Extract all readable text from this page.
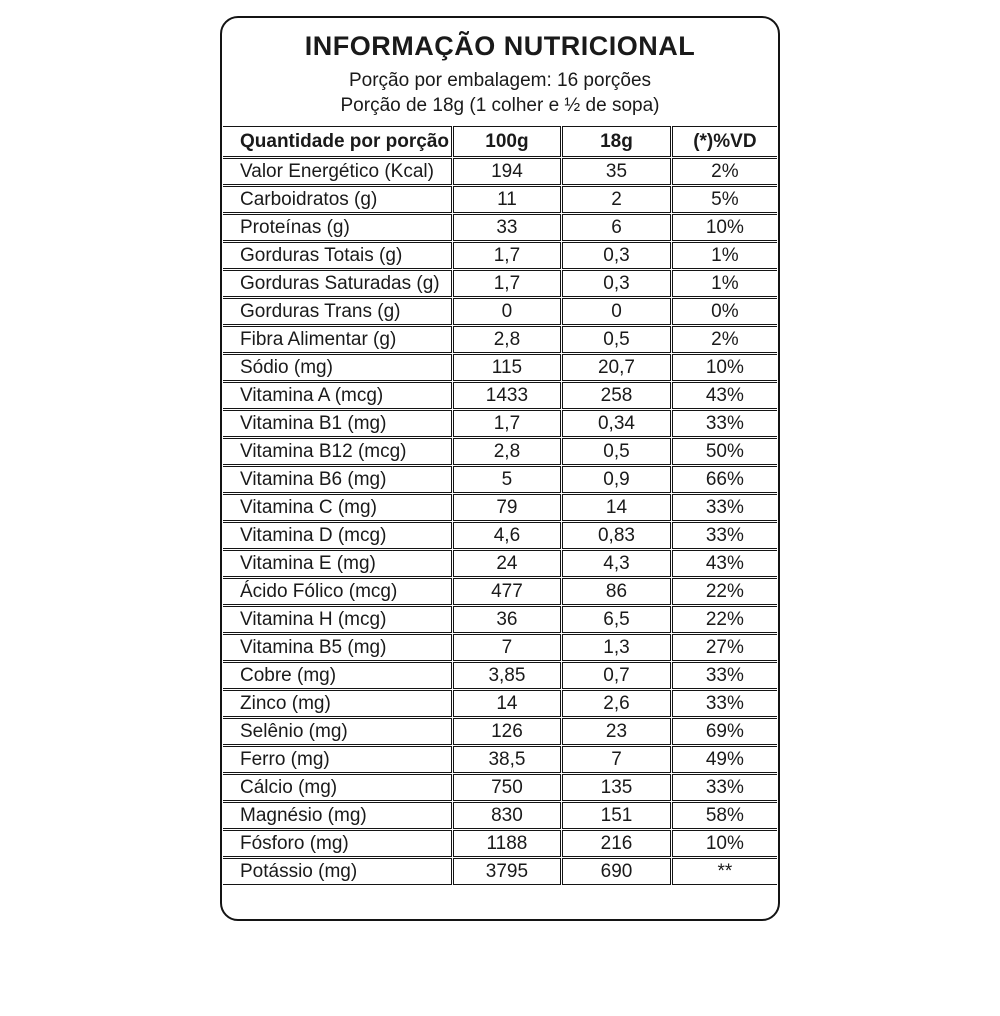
INFORMAÇÃO NUTRICIONAL
Porção por embalagem: 16 porções
Porção de 18g (1 colher e ½ de sopa)
Quantidade por porção	100g	18g	(*)%VD
Valor Energético (Kcal)	194	35	2%
Carboidratos (g)	11	2	5%
Proteínas (g)	33	6	10%
Gorduras Totais (g)	1,7	0,3	1%
Gorduras Saturadas (g)	1,7	0,3	1%
Gorduras Trans (g)	0	0	0%
Fibra Alimentar (g)	2,8	0,5	2%
Sódio (mg)	115	20,7	10%
Vitamina A (mcg)	1433	258	43%
Vitamina B1 (mg)	1,7	0,34	33%
Vitamina B12 (mcg)	2,8	0,5	50%
Vitamina B6 (mg)	5	0,9	66%
Vitamina C (mg)	79	14	33%
Vitamina D (mcg)	4,6	0,83	33%
Vitamina E (mg)	24	4,3	43%
Ácido Fólico (mcg)	477	86	22%
Vitamina H (mcg)	36	6,5	22%
Vitamina B5 (mg)	7	1,3	27%
Cobre (mg)	3,85	0,7	33%
Zinco (mg)	14	2,6	33%
Selênio (mg)	126	23	69%
Ferro (mg)	38,5	7	49%
Cálcio (mg)	750	135	33%
Magnésio (mg)	830	151	58%
Fósforo (mg)	1188	216	10%
Potássio (mg)	3795	690	**
